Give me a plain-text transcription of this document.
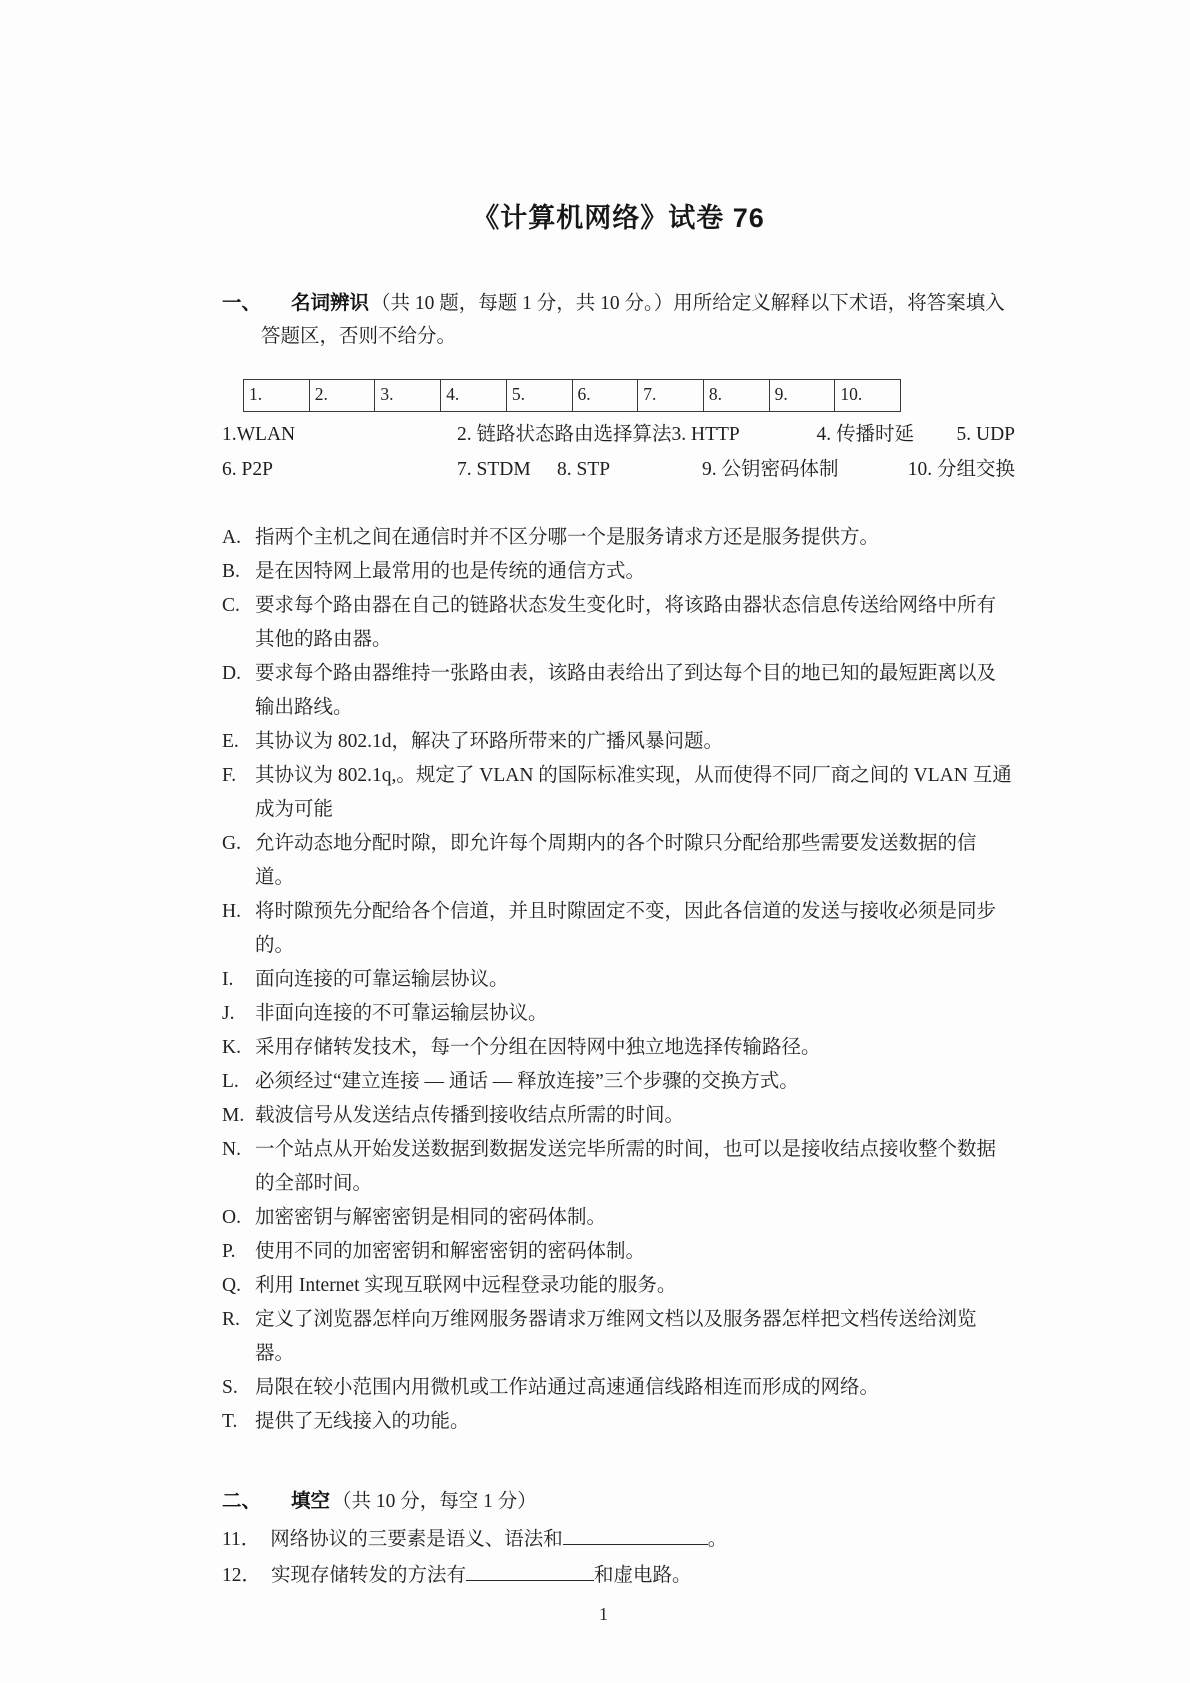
《计算机网络》试卷 76
一、	名词辨识 （共 10 题，每题 1 分，共 10 分。）用所给定义解释以下术语，将答案填入
答题区，否则不给分。
1.	2.	3.	4.	5.	6.	7.	8.	9.	10.
1.WLAN	2. 链路状态路由选择算法 3. HTTP	4. 传播时延	5. UDP
6. P2P	7. STDM	8. STP	9. 公钥密码体制	10. 分组交换
A. 指两个主机之间在通信时并不区分哪一个是服务请求方还是服务提供方。
B. 是在因特网上最常用的也是传统的通信方式。
C. 要求每个路由器在自己的链路状态发生变化时，将该路由器状态信息传送给网络中所有其他的路由器。
D. 要求每个路由器维持一张路由表，该路由表给出了到达每个目的地已知的最短距离以及输出路线。
E. 其协议为 802.1d，解决了环路所带来的广播风暴问题。
F. 其协议为 802.1q,。规定了 VLAN 的国际标准实现，从而使得不同厂商之间的 VLAN 互通成为可能
G. 允许动态地分配时隙，即允许每个周期内的各个时隙只分配给那些需要发送数据的信道。
H. 将时隙预先分配给各个信道，并且时隙固定不变，因此各信道的发送与接收必须是同步的。
I.	面向连接的可靠运输层协议。
J.	非面向连接的不可靠运输层协议。
K. 采用存储转发技术，每一个分组在因特网中独立地选择传输路径。
L. 必须经过“建立连接 — 通话 — 释放连接”三个步骤的交换方式。
M. 载波信号从发送结点传播到接收结点所需的时间。
N. 一个站点从开始发送数据到数据发送完毕所需的时间，也可以是接收结点接收整个数据的全部时间。
O. 加密密钥与解密密钥是相同的密码体制。
P. 使用不同的加密密钥和解密密钥的密码体制。
Q. 利用 Internet 实现互联网中远程登录功能的服务。
R. 定义了浏览器怎样向万维网服务器请求万维网文档以及服务器怎样把文档传送给浏览器。
S. 局限在较小范围内用微机或工作站通过高速通信线路相连而形成的网络。
T. 提供了无线接入的功能。
二、	填空 （共 10 分，每空 1 分）
11． 网络协议的三要素是语义、语法和	。
12． 实现存储转发的方法有	和虚电路。
1
